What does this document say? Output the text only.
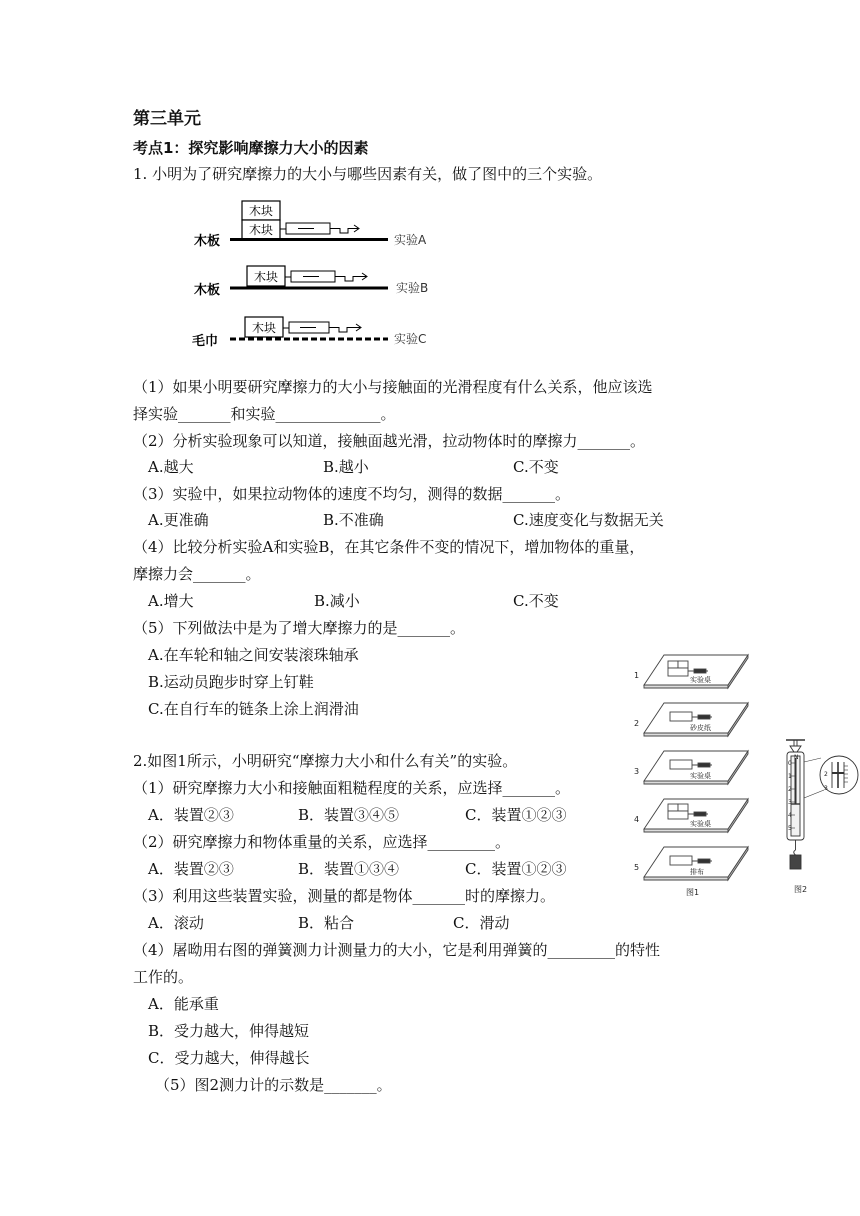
第三单元
考点1：探究影响摩擦力大小的因素
1. 小明为了研究摩擦力的大小与哪些因素有关，做了图中的三个实验。
木块
木块
木板	实验A
木块
木板	实验B
木块
毛巾	实验C
（1）如果小明要研究摩擦力的大小与接触面的光滑程度有什么关系，他应该选
择实验_______和实验______________。
（2）分析实验现象可以知道，接触面越光滑，拉动物体时的摩擦力_______。
A.越大	B.越小	C.不变
（3）实验中，如果拉动物体的速度不均匀，测得的数据_______。
A.更准确	B.不准确	C.速度变化与数据无关
（4）比较分析实验A和实验B，在其它条件不变的情况下，增加物体的重量，
摩擦力会_______。
A.增大	B.减小	C.不变
（5）下列做法中是为了增大摩擦力的是_______。
A.在车轮和轴之间安装滚珠轴承
B.运动员跑步时穿上钉鞋
C.在自行车的链条上涂上润滑油
2.如图1所示，小明研究“摩擦力大小和什么有关”的实验。
（1）研究摩擦力大小和接触面粗糙程度的关系，应选择_______。
A．装置②③	B．装置③④⑤	C．装置①②③
（2）研究摩擦力和物体重量的关系，应选择_________。
A．装置②③	B．装置①③④	C．装置①②③
（3）利用这些装置实验，测量的都是物体_______时的摩擦力。
A．滚动	B．粘合	C．滑动
（4）屠呦用右图的弹簧测力计测量力的大小，它是利用弹簧的_________的特性
工作的。
A．能承重
B．受力越大，伸得越短
C．受力越大，伸得越长
（5）图2测力计的示数是_______。
1
2
3
4
5
实验桌
砂皮纸
实验桌
实验桌
排布
图1
0
1
2
3
4
5
N
2
3
图2
